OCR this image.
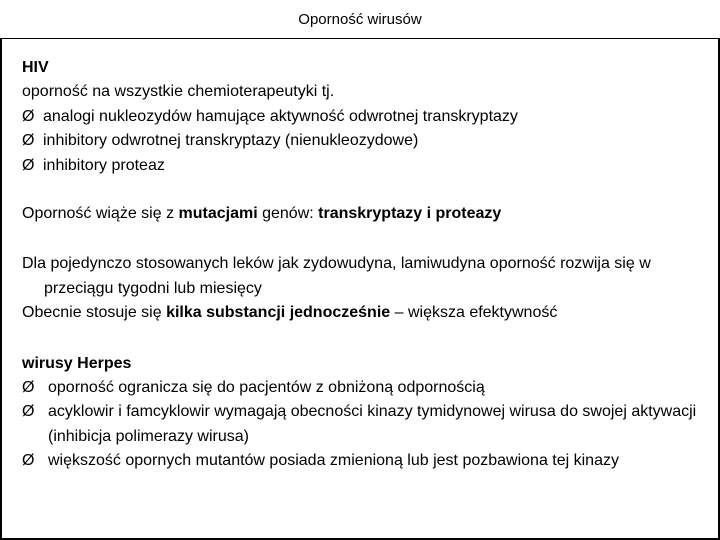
Oporność wirusów
HIV
oporność na wszystkie chemioterapeutyki tj.
Ø analogi nukleozydów hamujące aktywność odwrotnej transkryptazy
Ø inhibitory odwrotnej transkryptazy (nienukleozydowe)
Ø inhibitory proteaz
Oporność wiąże się z mutacjami genów: transkryptazy i proteazy
Dla pojedynczo stosowanych leków jak zydowudyna, lamiwudyna oporność rozwija się w przeciągu tygodni lub miesięcy
Obecnie stosuje się kilka substancji jednocześnie – większa efektywność
wirusy Herpes
Ø oporność ogranicza się do pacjentów z obniżoną odpornością
Ø acyklowir i famcyklowir wymagają obecności kinazy tymidynowej wirusa do swojej aktywacji (inhibicja polimerazy wirusa)
Ø większość opornych mutantów posiada zmienioną lub jest pozbawiona tej kinazy
